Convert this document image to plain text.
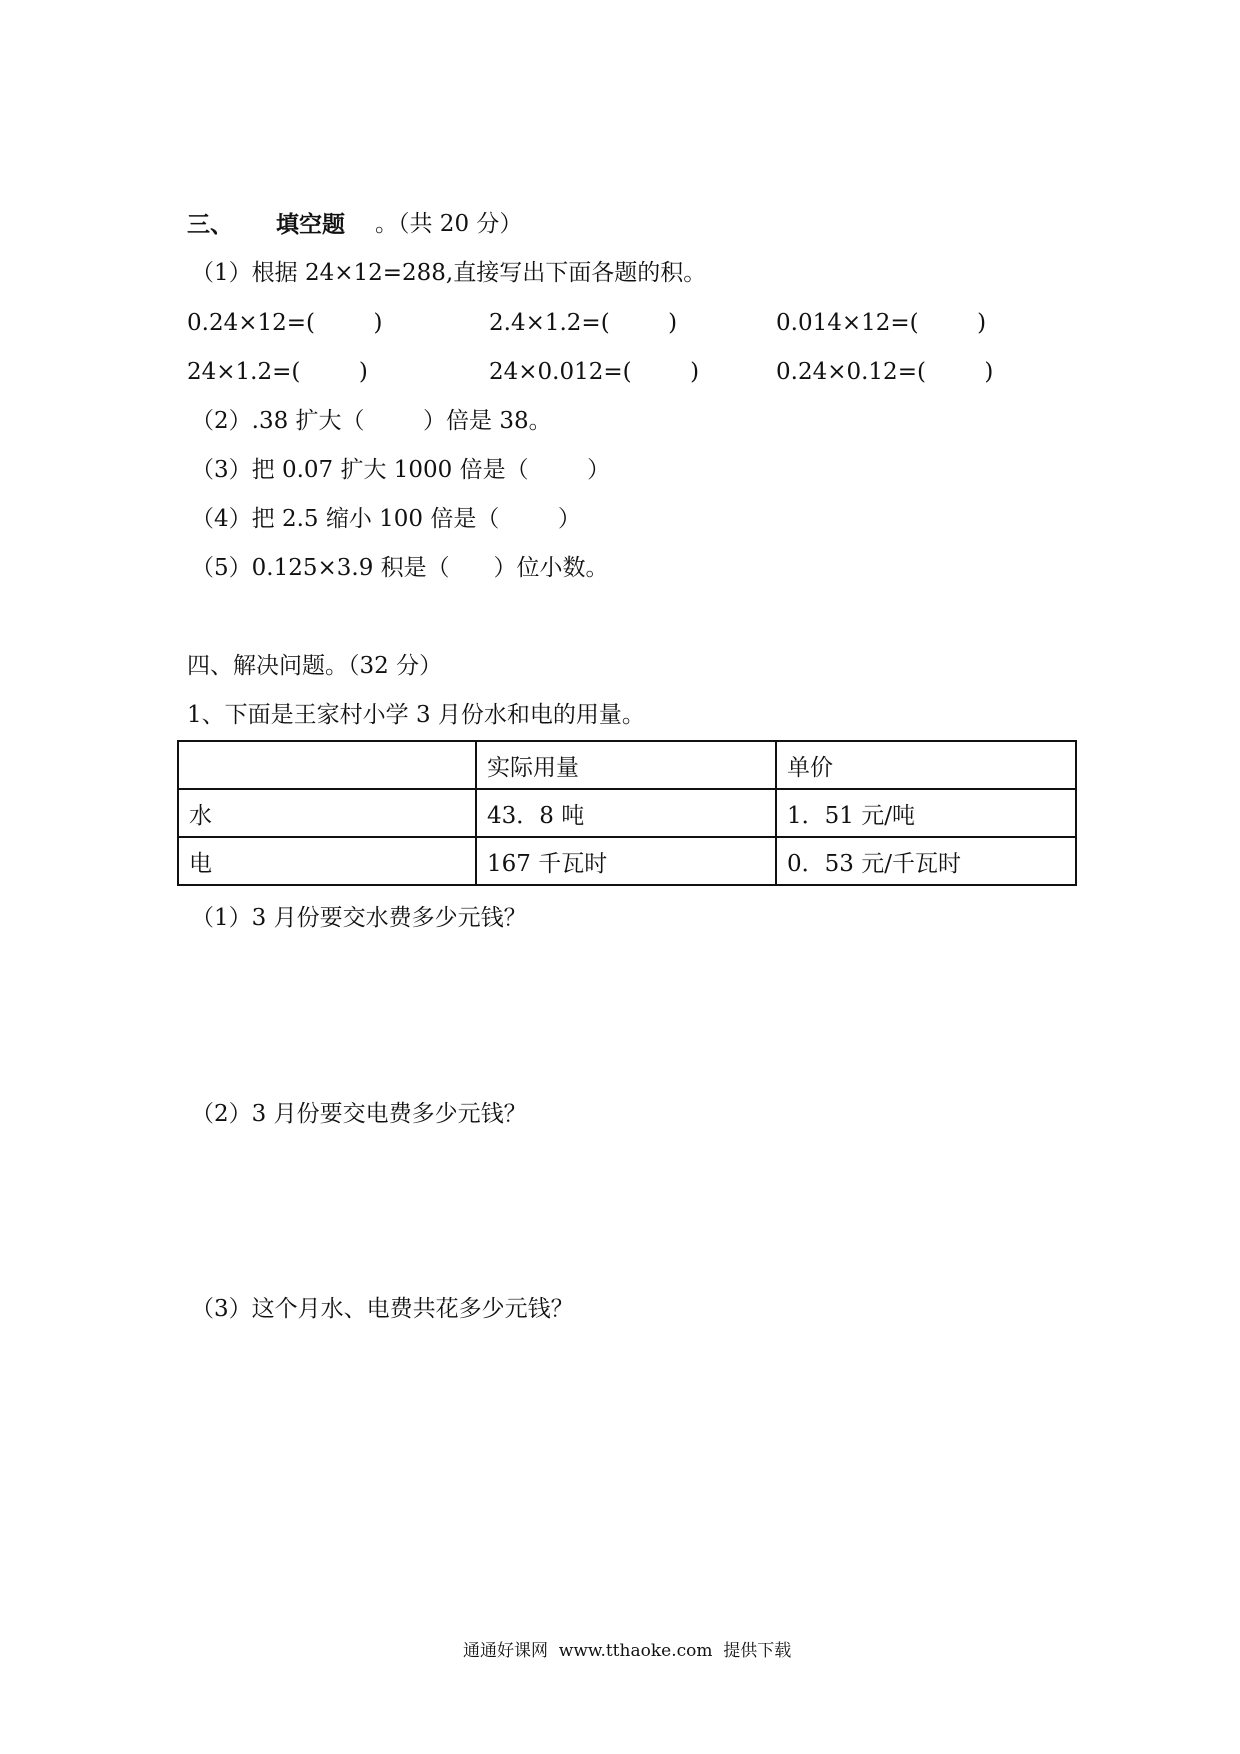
三、 填空题 。（共 20 分）
（1）根据 24×12=288,直接写出下面各题的积。
0.24×12=(        )	2.4×1.2=(        )	0.014×12=(        )
24×1.2=(        )	24×0.012=(        )	0.24×0.12=(        )
（2）.38 扩大（        ）倍是 38。
（3）把 0.07 扩大 1000 倍是（        ）
（4）把 2.5 缩小 100 倍是（        ）
（5）0.125×3.9 积是（      ）位小数。
四、解决问题。（32 分）
1、下面是王家村小学 3 月份水和电的用量。
	实际用量	单价
水	43．8 吨	1．51 元/吨
电	167 千瓦时	0．53 元/千瓦时
（1）3 月份要交水费多少元钱？
（2）3 月份要交电费多少元钱？
（3）这个月水、电费共花多少元钱？
通通好课网  www.tthaoke.com  提供下载
